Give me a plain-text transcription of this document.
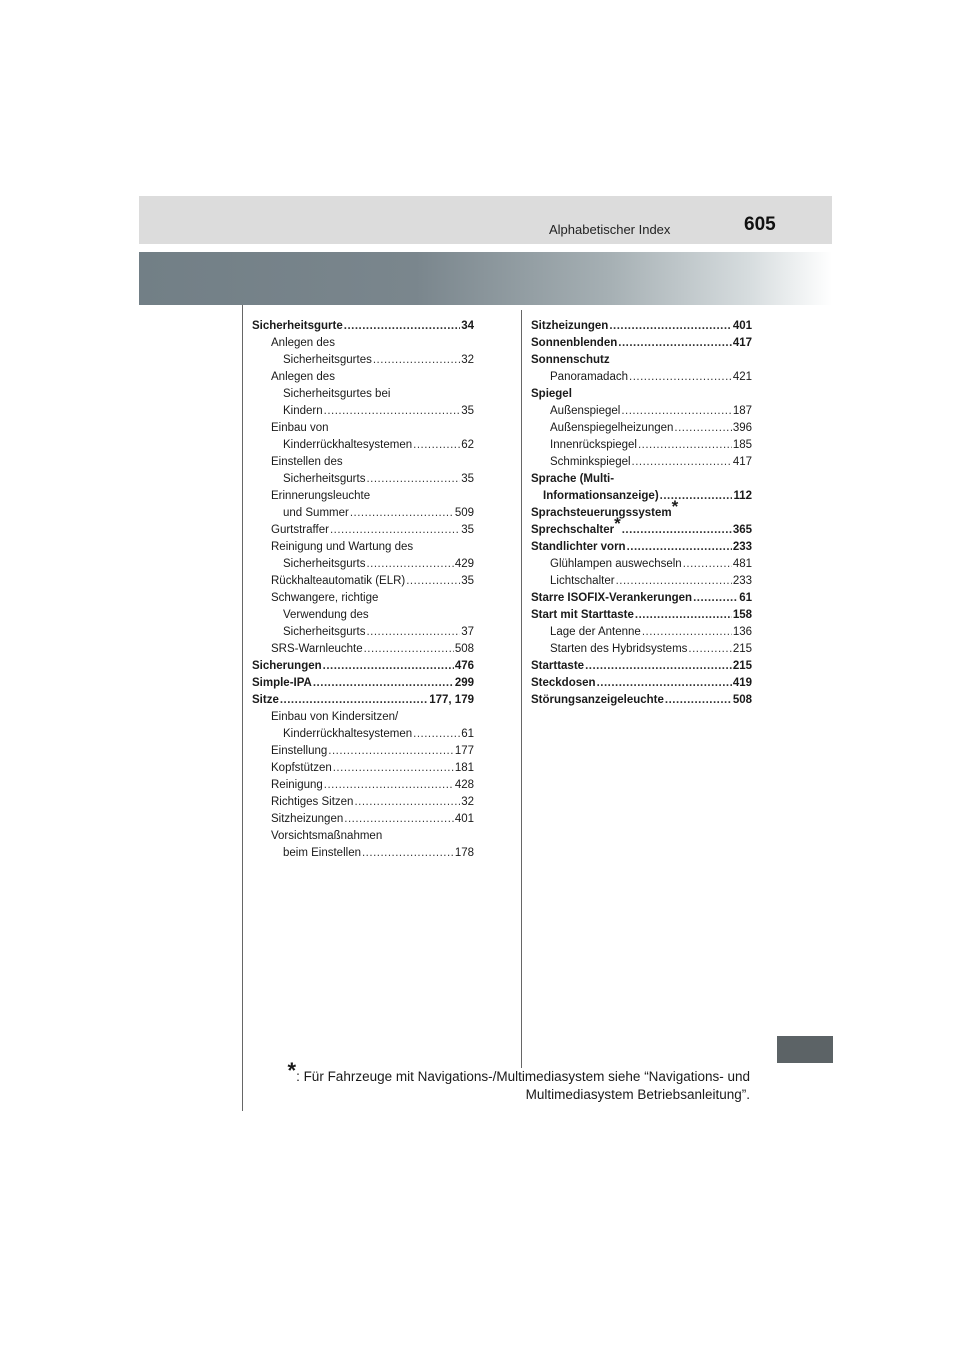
Alphabetischer Index	605
Sicherheitsgurte .....	34
Anlegen des
Sicherheitsgurtes .....	32
Anlegen des
Sicherheitsgurtes bei
Kindern .....	35
Einbau von
Kinderrückhaltesystemen .....	62
Einstellen des
Sicherheitsgurts .....	35
Erinnerungsleuchte
und Summer .....	509
Gurtstraffer .....	35
Reinigung und Wartung des
Sicherheitsgurts .....	429
Rückhalteautomatik (ELR) .....	35
Schwangere, richtige
Verwendung des
Sicherheitsgurts .....	37
SRS-Warnleuchte .....	508
Sicherungen .....	476
Simple-IPA .....	299
Sitze .....	177, 179
Einbau von Kindersitzen/
Kinderrückhaltesystemen .....	61
Einstellung .....	177
Kopfstützen .....	181
Reinigung .....	428
Richtiges Sitzen .....	32
Sitzheizungen .....	401
Vorsichtsmaßnahmen
beim Einstellen .....	178
Sitzheizungen .....	401
Sonnenblenden .....	417
Sonnenschutz
Panoramadach .....	421
Spiegel
Außenspiegel .....	187
Außenspiegelheizungen .....	396
Innenrückspiegel .....	185
Schminkspiegel .....	417
Sprache (Multi-
Informationsanzeige) .....	112
Sprachsteuerungssystem *
Sprechschalter * .....	365
Standlichter vorn .....	233
Glühlampen auswechseln .....	481
Lichtschalter .....	233
Starre ISOFIX-Verankerungen .....	61
Start mit Starttaste .....	158
Lage der Antenne .....	136
Starten des Hybridsystems .....	215
Starttaste .....	215
Steckdosen .....	419
Störungsanzeigeleuchte .....	508
*: Für Fahrzeuge mit Navigations-/Multimediasystem siehe “Navigations- und
Multimediasystem Betriebsanleitung”.
